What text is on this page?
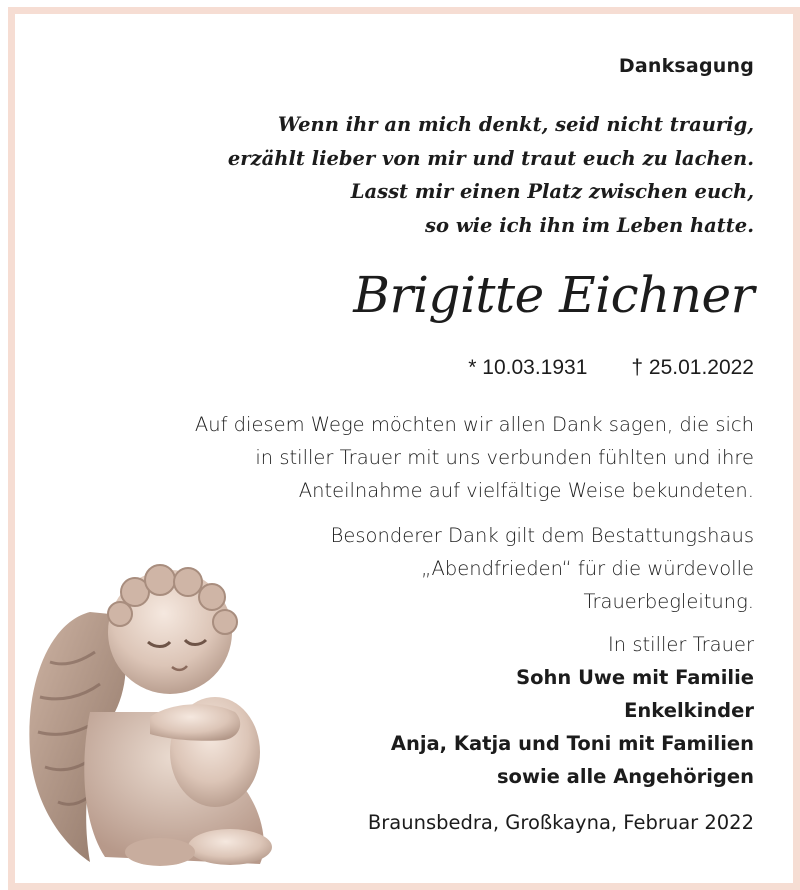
Danksagung
Wenn ihr an mich denkt, seid nicht traurig,
erzählt lieber von mir und traut euch zu lachen.
Lasst mir einen Platz zwischen euch,
so wie ich ihn im Leben hatte.
Brigitte Eichner
* 10.03.1931 † 25.01.2022
Auf diesem Wege möchten wir allen Dank sagen, die sich
in stiller Trauer mit uns verbunden fühlten und ihre
Anteilnahme auf vielfältige Weise bekundeten.
Besonderer Dank gilt dem Bestattungshaus
„Abendfrieden“ für die würdevolle
Trauerbegleitung.
In stiller Trauer
Sohn Uwe mit Familie
Enkelkinder
Anja, Katja und Toni mit Familien
sowie alle Angehörigen
Braunsbedra, Großkayna, Februar 2022
